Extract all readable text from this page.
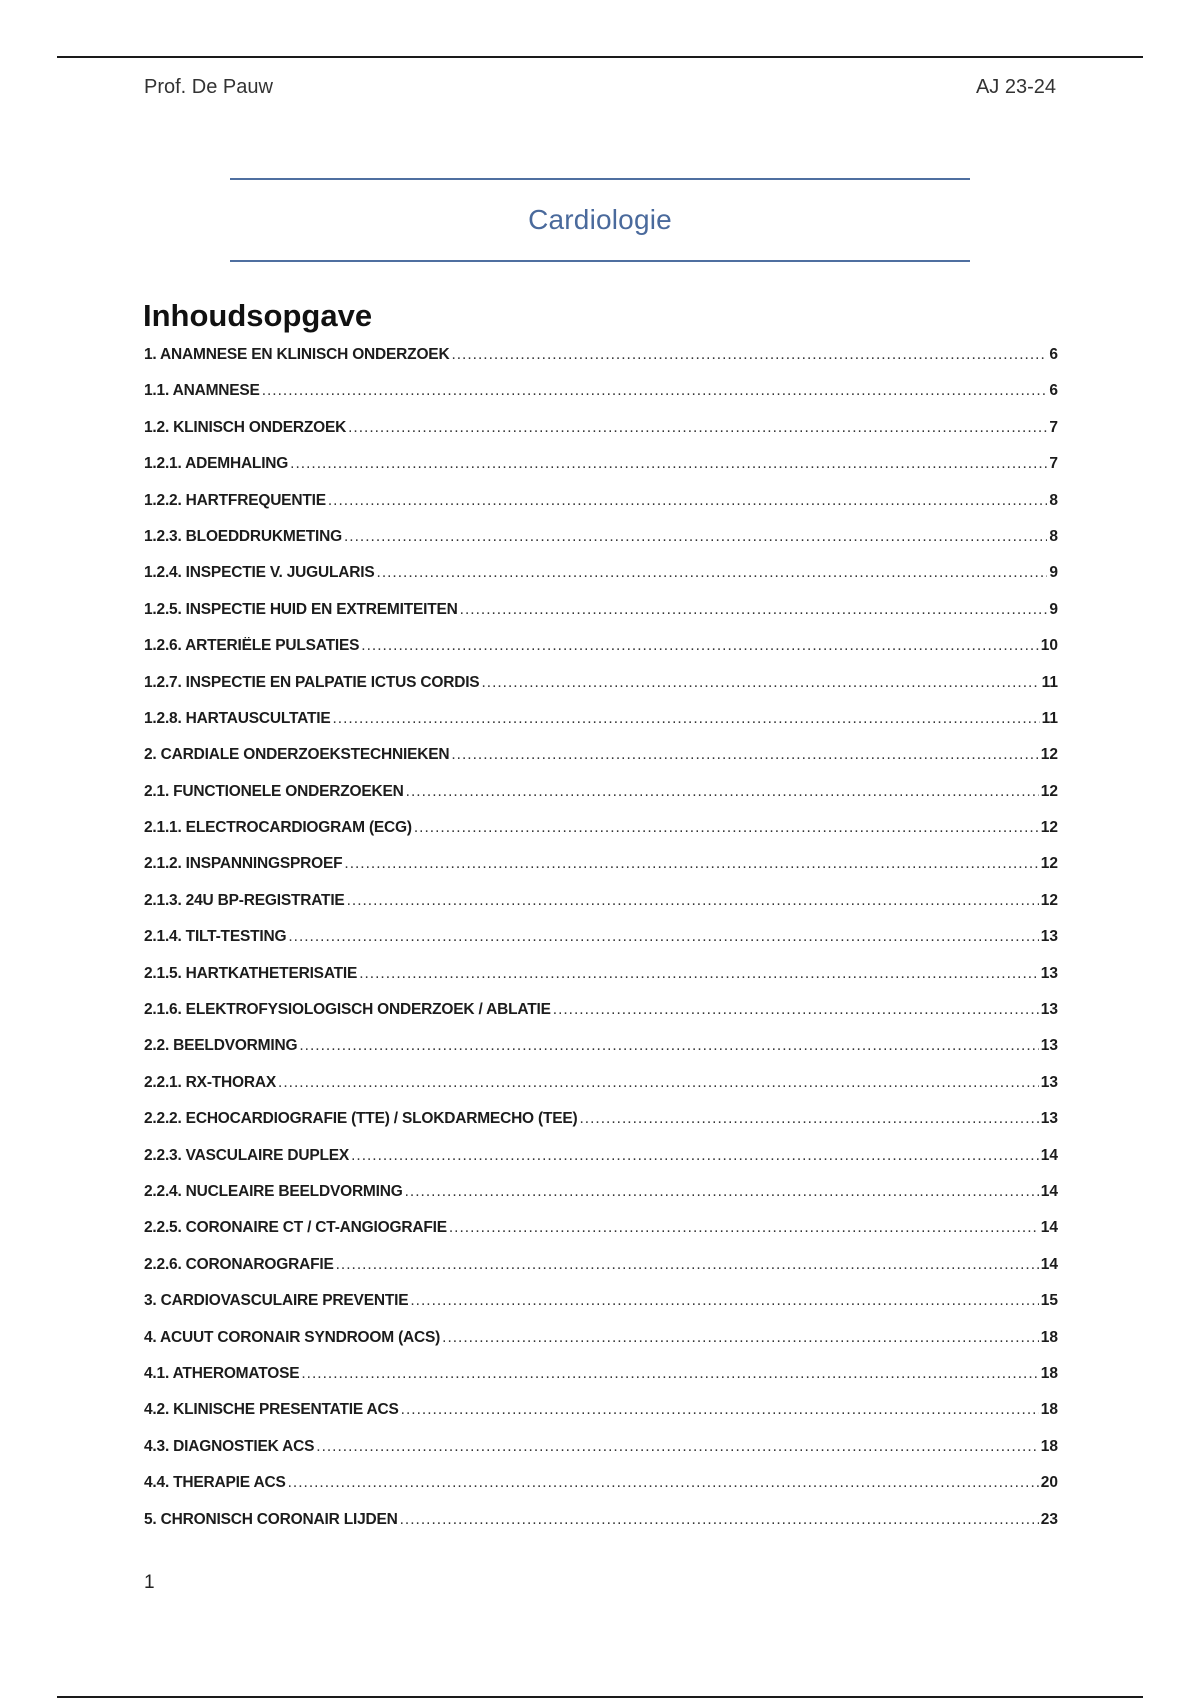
Prof. De Pauw	AJ 23-24
Cardiologie
Inhoudsopgave
1. ANAMNESE EN KLINISCH ONDERZOEK .....	6
1.1. ANAMNESE .....	6
1.2. KLINISCH ONDERZOEK .....	7
1.2.1. ADEMHALING .....	7
1.2.2. HARTFREQUENTIE .....	8
1.2.3. BLOEDDRUKMETING .....	8
1.2.4. INSPECTIE V. JUGULARIS .....	9
1.2.5. INSPECTIE HUID EN EXTREMITEITEN .....	9
1.2.6. ARTERIËLE PULSATIES .....	10
1.2.7. INSPECTIE EN PALPATIE ICTUS CORDIS .....	11
1.2.8. HARTAUSCULTATIE .....	11
2. CARDIALE ONDERZOEKSTECHNIEKEN .....	12
2.1. FUNCTIONELE ONDERZOEKEN .....	12
2.1.1. ELECTROCARDIOGRAM (ECG) .....	12
2.1.2. INSPANNINGSPROEF .....	12
2.1.3. 24U BP-REGISTRATIE .....	12
2.1.4. TILT-TESTING .....	13
2.1.5. HARTKATHETERISATIE .....	13
2.1.6. ELEKTROFYSIOLOGISCH ONDERZOEK / ABLATIE .....	13
2.2. BEELDVORMING .....	13
2.2.1. RX-THORAX .....	13
2.2.2. ECHOCARDIOGRAFIE (TTE) / SLOKDARMECHO (TEE) .....	13
2.2.3. VASCULAIRE DUPLEX .....	14
2.2.4. NUCLEAIRE BEELDVORMING .....	14
2.2.5. CORONAIRE CT / CT-ANGIOGRAFIE .....	14
2.2.6. CORONAROGRAFIE .....	14
3. CARDIOVASCULAIRE PREVENTIE .....	15
4. ACUUT CORONAIR SYNDROOM (ACS) .....	18
4.1. ATHEROMATOSE .....	18
4.2. KLINISCHE PRESENTATIE ACS .....	18
4.3. DIAGNOSTIEK ACS .....	18
4.4. THERAPIE ACS .....	20
5. CHRONISCH CORONAIR LIJDEN .....	23
1
